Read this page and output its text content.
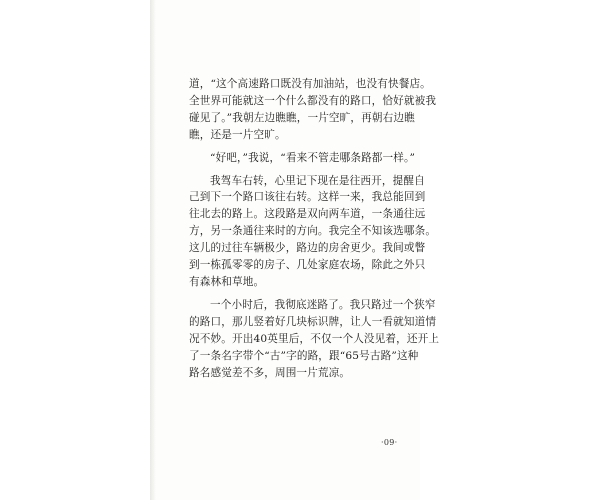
道，“这个高速路口既没有加油站，也没有快餐店。
全世界可能就这一个什么都没有的路口，恰好就被我
碰见了。”我朝左边瞧瞧，一片空旷，再朝右边瞧
瞧，还是一片空旷。
“好吧，”我说，“看来不管走哪条路都一样。”
我驾车右转，心里记下现在是往西开，提醒自
己到下一个路口该往右转。这样一来，我总能回到
往北去的路上。这段路是双向两车道，一条通往远
方，另一条通往来时的方向。我完全不知该选哪条。
这儿的过往车辆极少，路边的房舍更少。我间或瞥
到一栋孤零零的房子、几处家庭农场，除此之外只
有森林和草地。
一个小时后，我彻底迷路了。我只路过一个狭窄
的路口，那儿竖着好几块标识牌，让人一看就知道情
况不妙。开出40英里后，不仅一个人没见着，还开上
了一条名字带个“古”字的路，跟“65号古路”这种
路名感觉差不多，周围一片荒凉。
·09·
